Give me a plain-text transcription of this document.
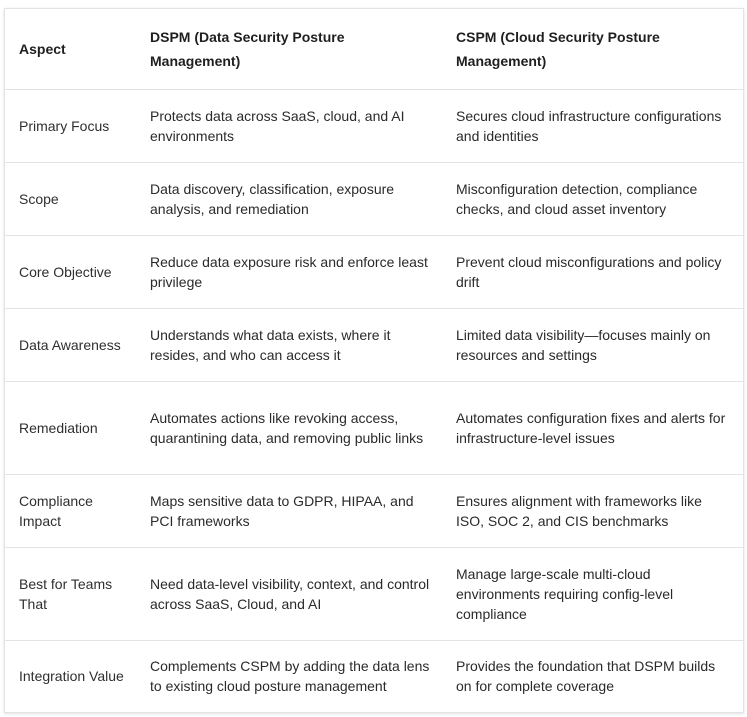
Aspect	DSPM (Data Security Posture Management)	CSPM (Cloud Security Posture Management)

Primary Focus	Protects data across SaaS, cloud, and AI environments	Secures cloud infrastructure configurations and identities

Scope	Data discovery, classification, exposure analysis, and remediation	Misconfiguration detection, compliance checks, and cloud asset inventory

Core Objective	Reduce data exposure risk and enforce least privilege	Prevent cloud misconfigurations and policy drift

Data Awareness	Understands what data exists, where it resides, and who can access it	Limited data visibility—focuses mainly on resources and settings

Remediation	Automates actions like revoking access, quarantining data, and removing public links	Automates configuration fixes and alerts for infrastructure-level issues

Compliance Impact	Maps sensitive data to GDPR, HIPAA, and PCI frameworks	Ensures alignment with frameworks like ISO, SOC 2, and CIS benchmarks

Best for Teams That	Need data-level visibility, context, and control across SaaS, Cloud, and AI	Manage large-scale multi-cloud environments requiring config-level compliance

Integration Value	Complements CSPM by adding the data lens to existing cloud posture management	Provides the foundation that DSPM builds on for complete coverage
